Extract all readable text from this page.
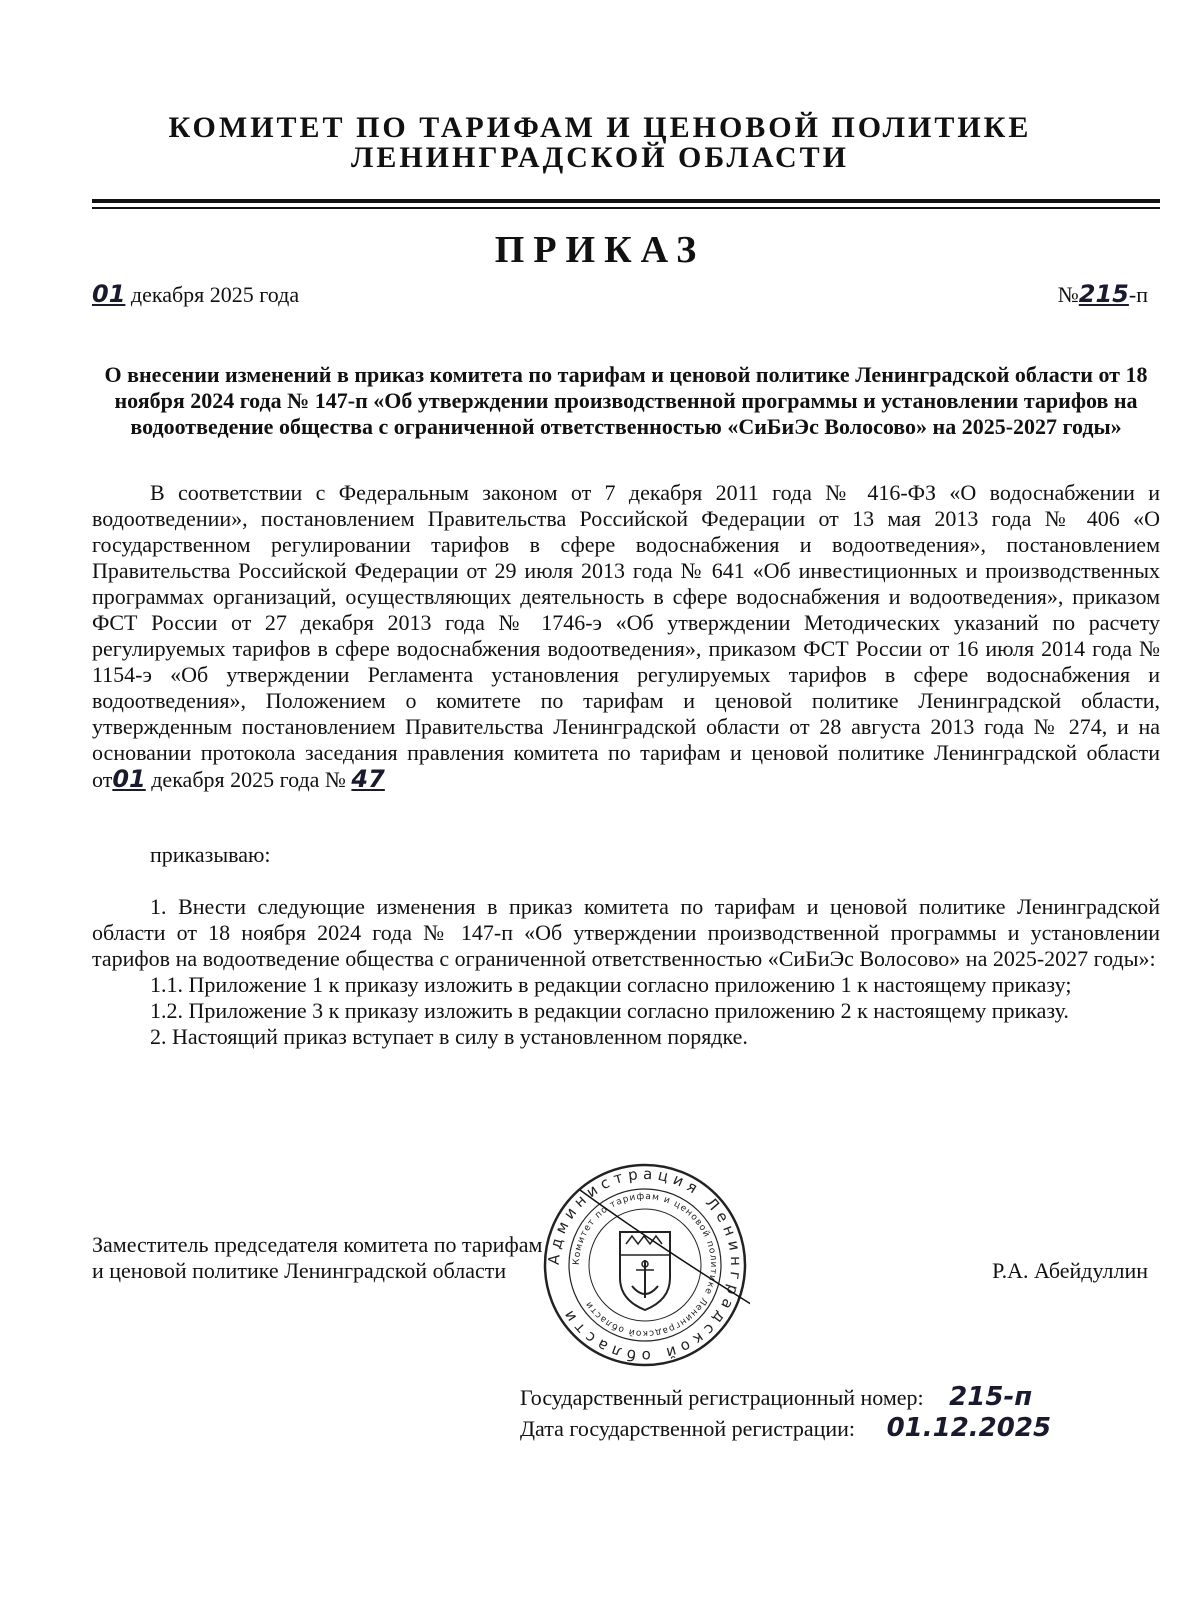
КОМИТЕТ ПО ТАРИФАМ И ЦЕНОВОЙ ПОЛИТИКЕ
ЛЕНИНГРАДСКОЙ ОБЛАСТИ
ПРИКАЗ
01 декабря 2025 года	№215-п
О внесении изменений в приказ комитета по тарифам и ценовой политике Ленинградской области от 18 ноября 2024 года № 147-п «Об утверждении производственной программы и установлении тарифов на водоотведение общества с ограниченной ответственностью «СиБиЭс Волосово» на 2025-2027 годы»

В соответствии с Федеральным законом от 7 декабря 2011 года № 416-ФЗ «О водоснабжении и водоотведении», постановлением Правительства Российской Федерации от 13 мая 2013 года № 406 «О государственном регулировании тарифов в сфере водоснабжения и водоотведения», постановлением Правительства Российской Федерации от 29 июля 2013 года № 641 «Об инвестиционных и производственных программах организаций, осуществляющих деятельность в сфере водоснабжения и водоотведения», приказом ФСТ России от 27 декабря 2013 года № 1746-э «Об утверждении Методических указаний по расчету регулируемых тарифов в сфере водоснабжения водоотведения», приказом ФСТ России от 16 июля 2014 года № 1154-э «Об утверждении Регламента установления регулируемых тарифов в сфере водоснабжения и водоотведения», Положением о комитете по тарифам и ценовой политике Ленинградской области, утвержденным постановлением Правительства Ленинградской области от 28 августа 2013 года № 274, и на основании протокола заседания правления комитета по тарифам и ценовой политике Ленинградской области от01 декабря 2025 года № 47

приказываю:

1. Внести следующие изменения в приказ комитета по тарифам и ценовой политике Ленинградской области от 18 ноября 2024 года № 147-п «Об утверждении производственной программы и установлении тарифов на водоотведение общества с ограниченной ответственностью «СиБиЭс Волосово» на 2025-2027 годы»:

1.1. Приложение 1 к приказу изложить в редакции согласно приложению 1 к настоящему приказу;

1.2. Приложение 3 к приказу изложить в редакции согласно приложению 2 к настоящему приказу.

2. Настоящий приказ вступает в силу в установленном порядке.

Заместитель председателя комитета по тарифам
и ценовой политике Ленинградской области	Р.А. Абейдуллин
Администрация Ленинградской области
Комитет по тарифам и ценовой политике Ленинградской области
Государственный регистрационный номер: 215-п
Дата государственной регистрации: 01.12.2025
